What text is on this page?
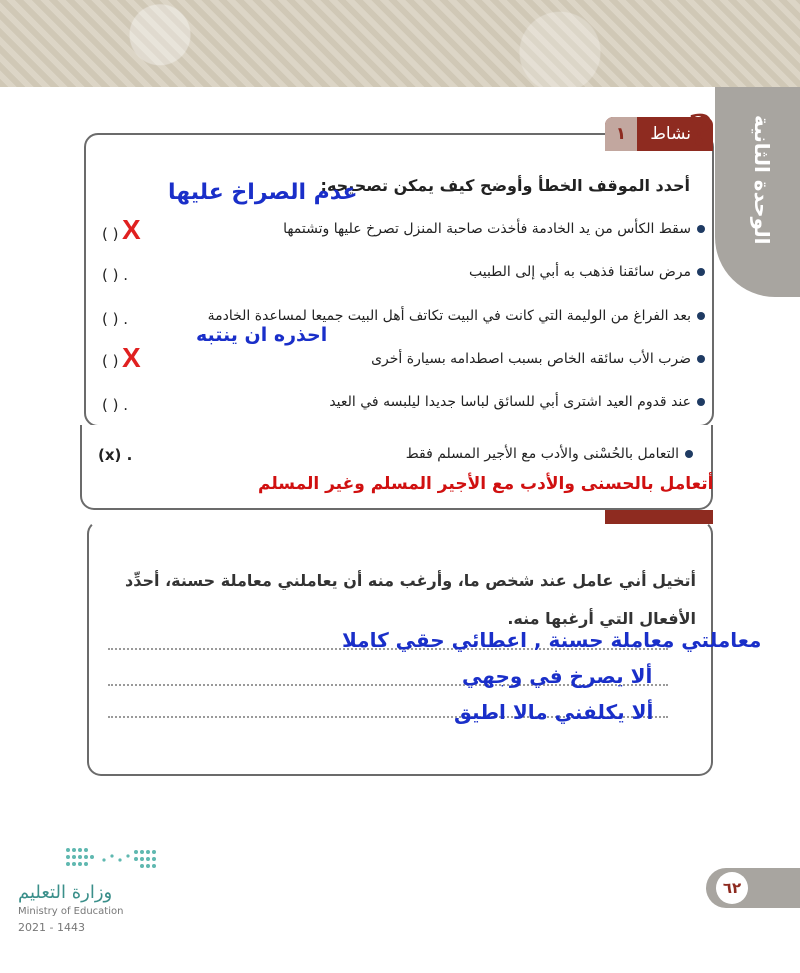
الوحدة الثانية
١	نشاط
?
أحدد الموقف الخطأ وأوضح كيف يمكن تصحيحه:
سقط الكأس من يد الخادمة فأخذت صاحبة المنزل تصرخ عليها وتشتمها
( ) .
X
مرض سائقنا فذهب به أبي إلى الطبيب
( ) .
بعد الفراغ من الوليمة التي كانت في البيت تكاتف أهل البيت جميعا لمساعدة الخادمة
( ) .
ضرب الأب سائقه الخاص بسبب اصطدامه بسيارة أخرى
( ) .
X
عند قدوم العيد اشترى أبي للسائق لباسا جديدا ليلبسه في العيد
( ) .
التعامل بالحُسْنى والأدب مع الأجير المسلم فقط
(x) .
عدم الصراخ عليها
احذره ان ينتبه
أتعامل بالحسنى والأدب مع الأجير المسلم وغير المسلم
أتخيل أني عامل عند شخص ما، وأرغب منه أن يعاملني معاملة حسنة، أحدِّد الأفعال التي أرغبها منه.
معاملتي معاملة حسنة , اعطائي حقي كاملا
ألا يصرخ في وجهي
ألا يكلفني مالا اطيق
٦٢
وزارة التعليم
Ministry of Education
2021 - 1443
